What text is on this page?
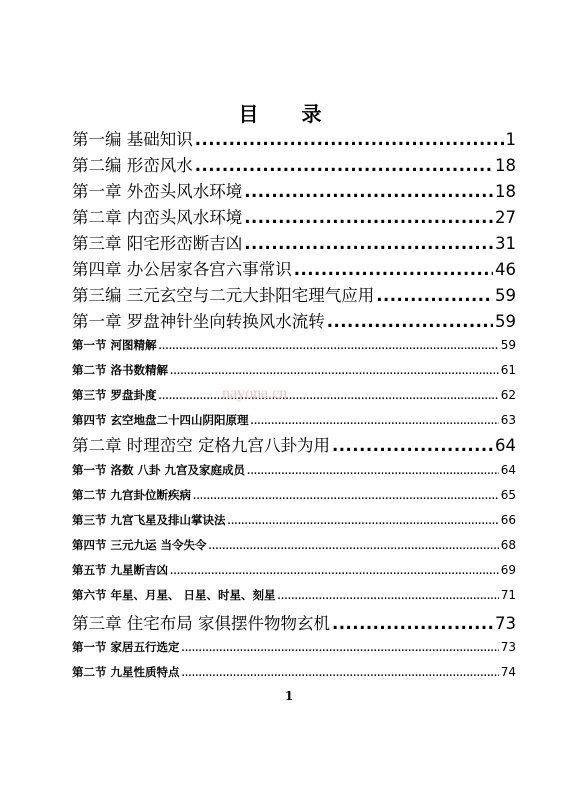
目 录
第一编 基础知识 .....	1
第二编 形峦风水 .....	18
第一章 外峦头风水环境 .....	18
第二章 内峦头风水环境 .....	27
第三章 阳宅形峦断吉凶 .....	31
第四章 办公居家各宫六事常识 .....	46
第三编 三元玄空与二元大卦阳宅理气应用 .....	59
第一章 罗盘神针坐向转换风水流转 .....	59
第一节 河图精解 .....	59
第二节 洛书数精解 .....	61
第三节 罗盘卦度 .....	62
第四节 玄空地盘二十四山阴阳原理 .....	63
第二章 时理峦空 定格九宫八卦为用 .....	64
第一节 洛数 八卦 九宫及家庭成员 .....	64
第二节 九宫卦位断疾病 .....	65
第三节 九宫飞星及排山掌诀法 .....	66
第四节 三元九运 当令失令 .....	68
第五节 九星断吉凶 .....	69
第六节 年星、月星、 日星、时星、刻星 .....	71
第三章 住宅布局 家俱摆件物物玄机 .....	73
第一节 家居五行选定 .....	73
第二节 九星性质特点 .....	74
nayona.cn
1
